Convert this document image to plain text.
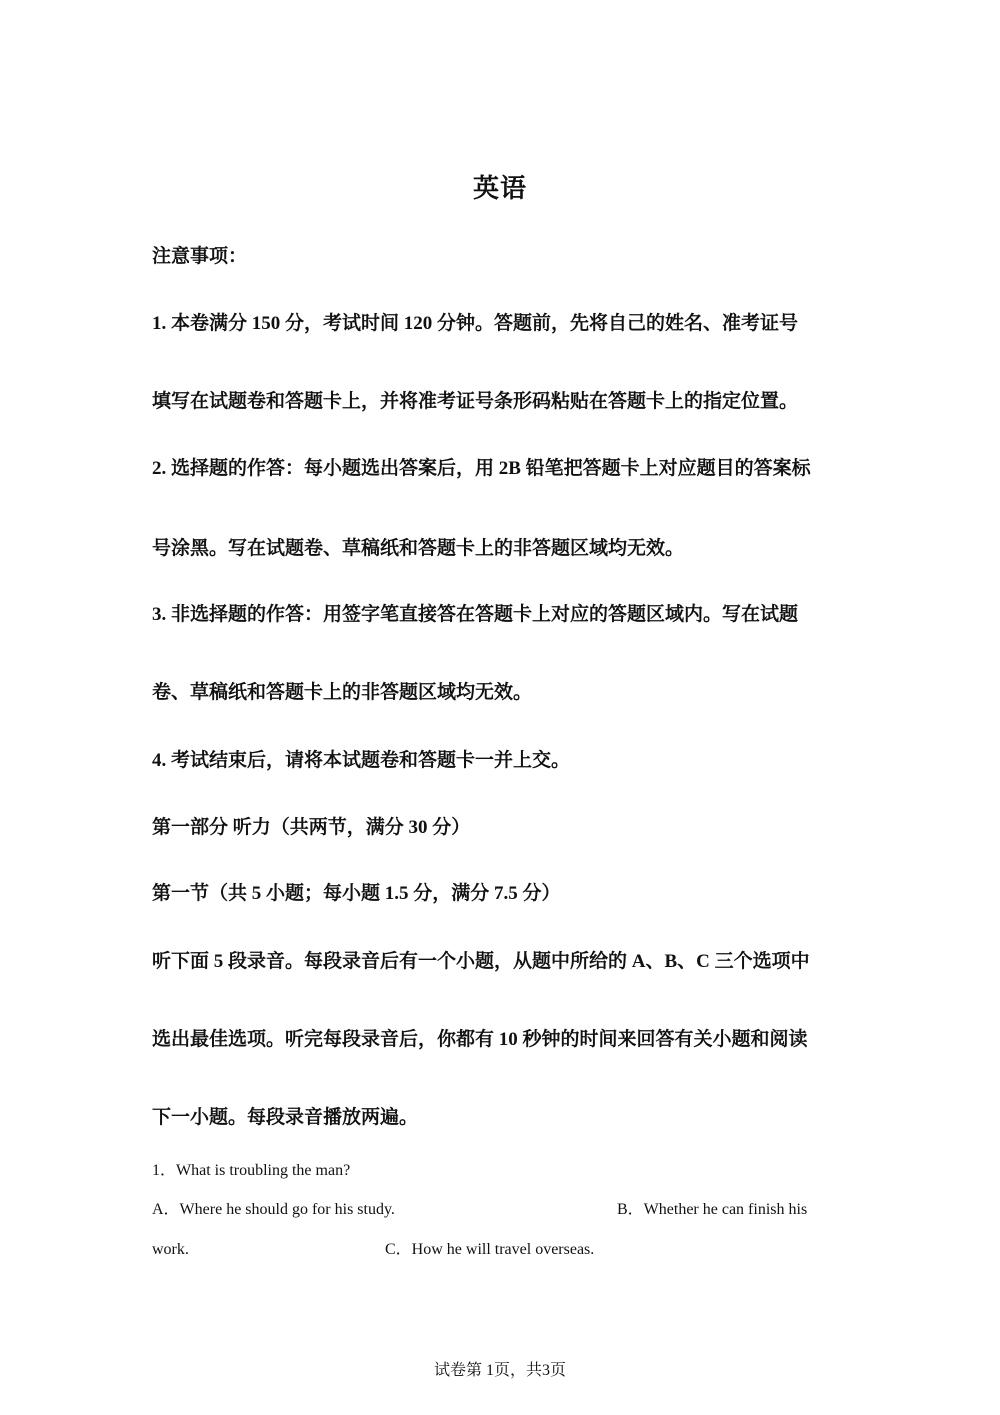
英语
注意事项：
1. 本卷满分 150 分，考试时间 120 分钟。答题前，先将自己的姓名、准考证号
填写在试题卷和答题卡上，并将准考证号条形码粘贴在答题卡上的指定位置。
2. 选择题的作答：每小题选出答案后，用 2B 铅笔把答题卡上对应题目的答案标
号涂黑。写在试题卷、草稿纸和答题卡上的非答题区域均无效。
3. 非选择题的作答：用签字笔直接答在答题卡上对应的答题区域内。写在试题
卷、草稿纸和答题卡上的非答题区域均无效。
4. 考试结束后，请将本试题卷和答题卡一并上交。
第一部分 听力（共两节，满分 30 分）
第一节（共 5 小题；每小题 1.5 分，满分 7.5 分）
听下面 5 段录音。每段录音后有一个小题，从题中所给的 A、B、C 三个选项中
选出最佳选项。听完每段录音后，你都有 10 秒钟的时间来回答有关小题和阅读
下一小题。每段录音播放两遍。
1．What is troubling the man?
A．Where he should go for his study.	B．Whether he can finish his
work.	C．How he will travel overseas.
试卷第 1页，共3页
